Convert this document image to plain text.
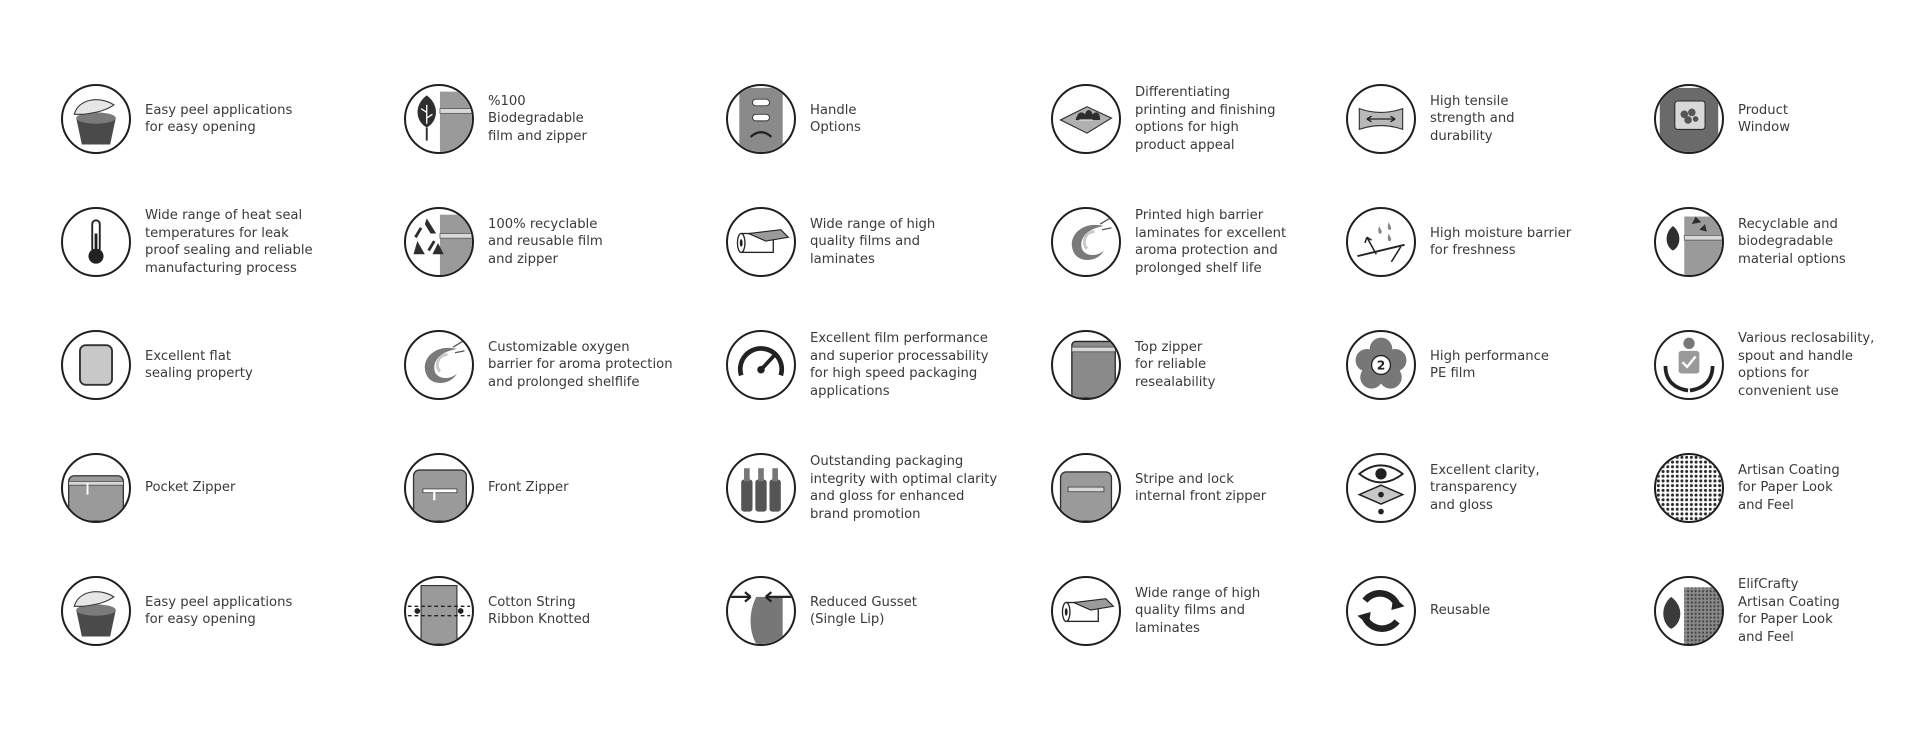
Easy peel applications
for easy opening
%100
Biodegradable
film and zipper
Handle
Options
Differentiating
printing and finishing
options for high
product appeal
High tensile
strength and
durability
Product
Window
Wide range of heat seal
temperatures for leak
proof sealing and reliable
manufacturing process
100% recyclable
and reusable film
and zipper
Wide range of high
quality films and
laminates
Printed high barrier
laminates for excellent
aroma protection and
prolonged shelf life
High moisture barrier
for freshness
Recyclable and
biodegradable
material options
Excellent flat
sealing property
Customizable oxygen
barrier for aroma protection
and prolonged shelflife
Excellent film performance
and superior processability
for high speed packaging
applications
Top zipper
for reliable
resealability
2
High performance
PE film
Various reclosability,
spout and handle
options for
convenient use
Pocket Zipper	Front Zipper
Outstanding packaging
integrity with optimal clarity
and gloss for enhanced
brand promotion
Stripe and lock
internal front zipper
Excellent clarity,
transparency
and gloss
Artisan Coating
for Paper Look
and Feel
Easy peel applications
for easy opening
Cotton String
Ribbon Knotted
Reduced Gusset
(Single Lip)
Wide range of high
quality films and
laminates
Reusable
ElifCrafty
Artisan Coating
for Paper Look
and Feel
